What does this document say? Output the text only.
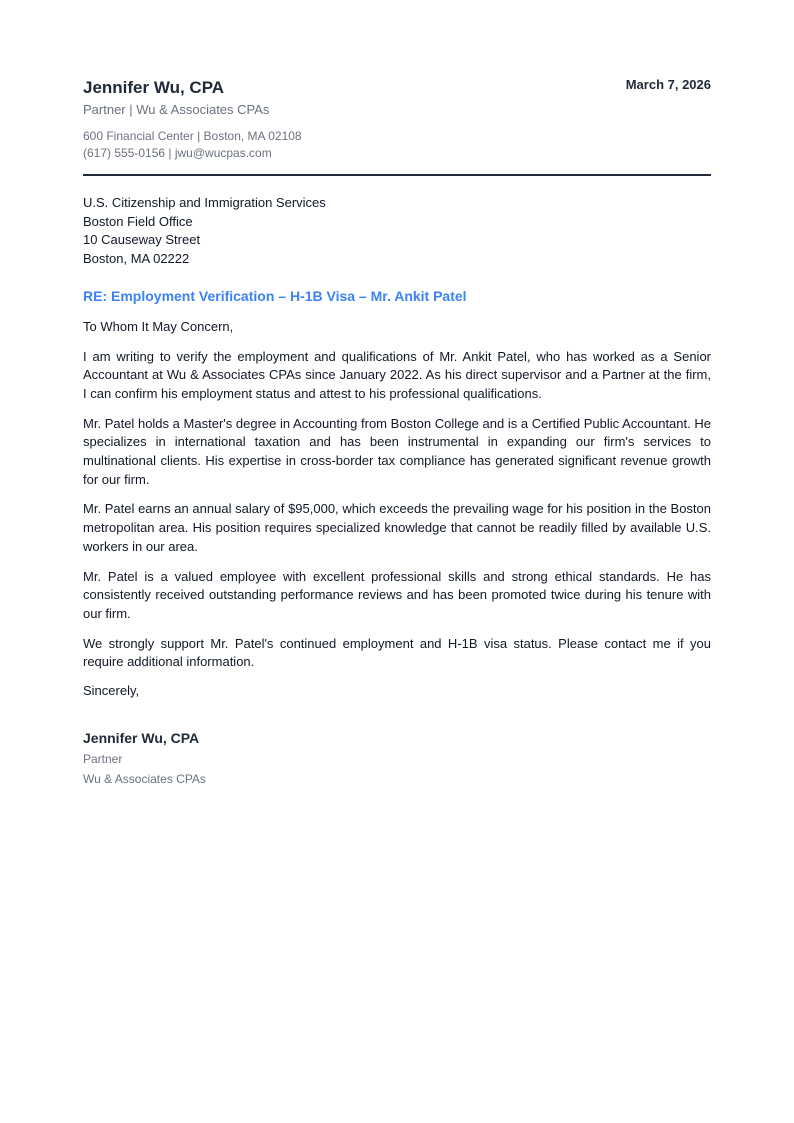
Jennifer Wu, CPA
Partner | Wu & Associates CPAs
600 Financial Center | Boston, MA 02108
(617) 555-0156 | jwu@wucpas.com
March 7, 2026
U.S. Citizenship and Immigration Services
Boston Field Office
10 Causeway Street
Boston, MA 02222
RE: Employment Verification – H-1B Visa – Mr. Ankit Patel
To Whom It May Concern,
I am writing to verify the employment and qualifications of Mr. Ankit Patel, who has worked as a Senior Accountant at Wu & Associates CPAs since January 2022. As his direct supervisor and a Partner at the firm, I can confirm his employment status and attest to his professional qualifications.
Mr. Patel holds a Master's degree in Accounting from Boston College and is a Certified Public Accountant. He specializes in international taxation and has been instrumental in expanding our firm's services to multinational clients. His expertise in cross-border tax compliance has generated significant revenue growth for our firm.
Mr. Patel earns an annual salary of $95,000, which exceeds the prevailing wage for his position in the Boston metropolitan area. His position requires specialized knowledge that cannot be readily filled by available U.S. workers in our area.
Mr. Patel is a valued employee with excellent professional skills and strong ethical standards. He has consistently received outstanding performance reviews and has been promoted twice during his tenure with our firm.
We strongly support Mr. Patel's continued employment and H-1B visa status. Please contact me if you require additional information.
Sincerely,
Jennifer Wu, CPA
Partner
Wu & Associates CPAs
